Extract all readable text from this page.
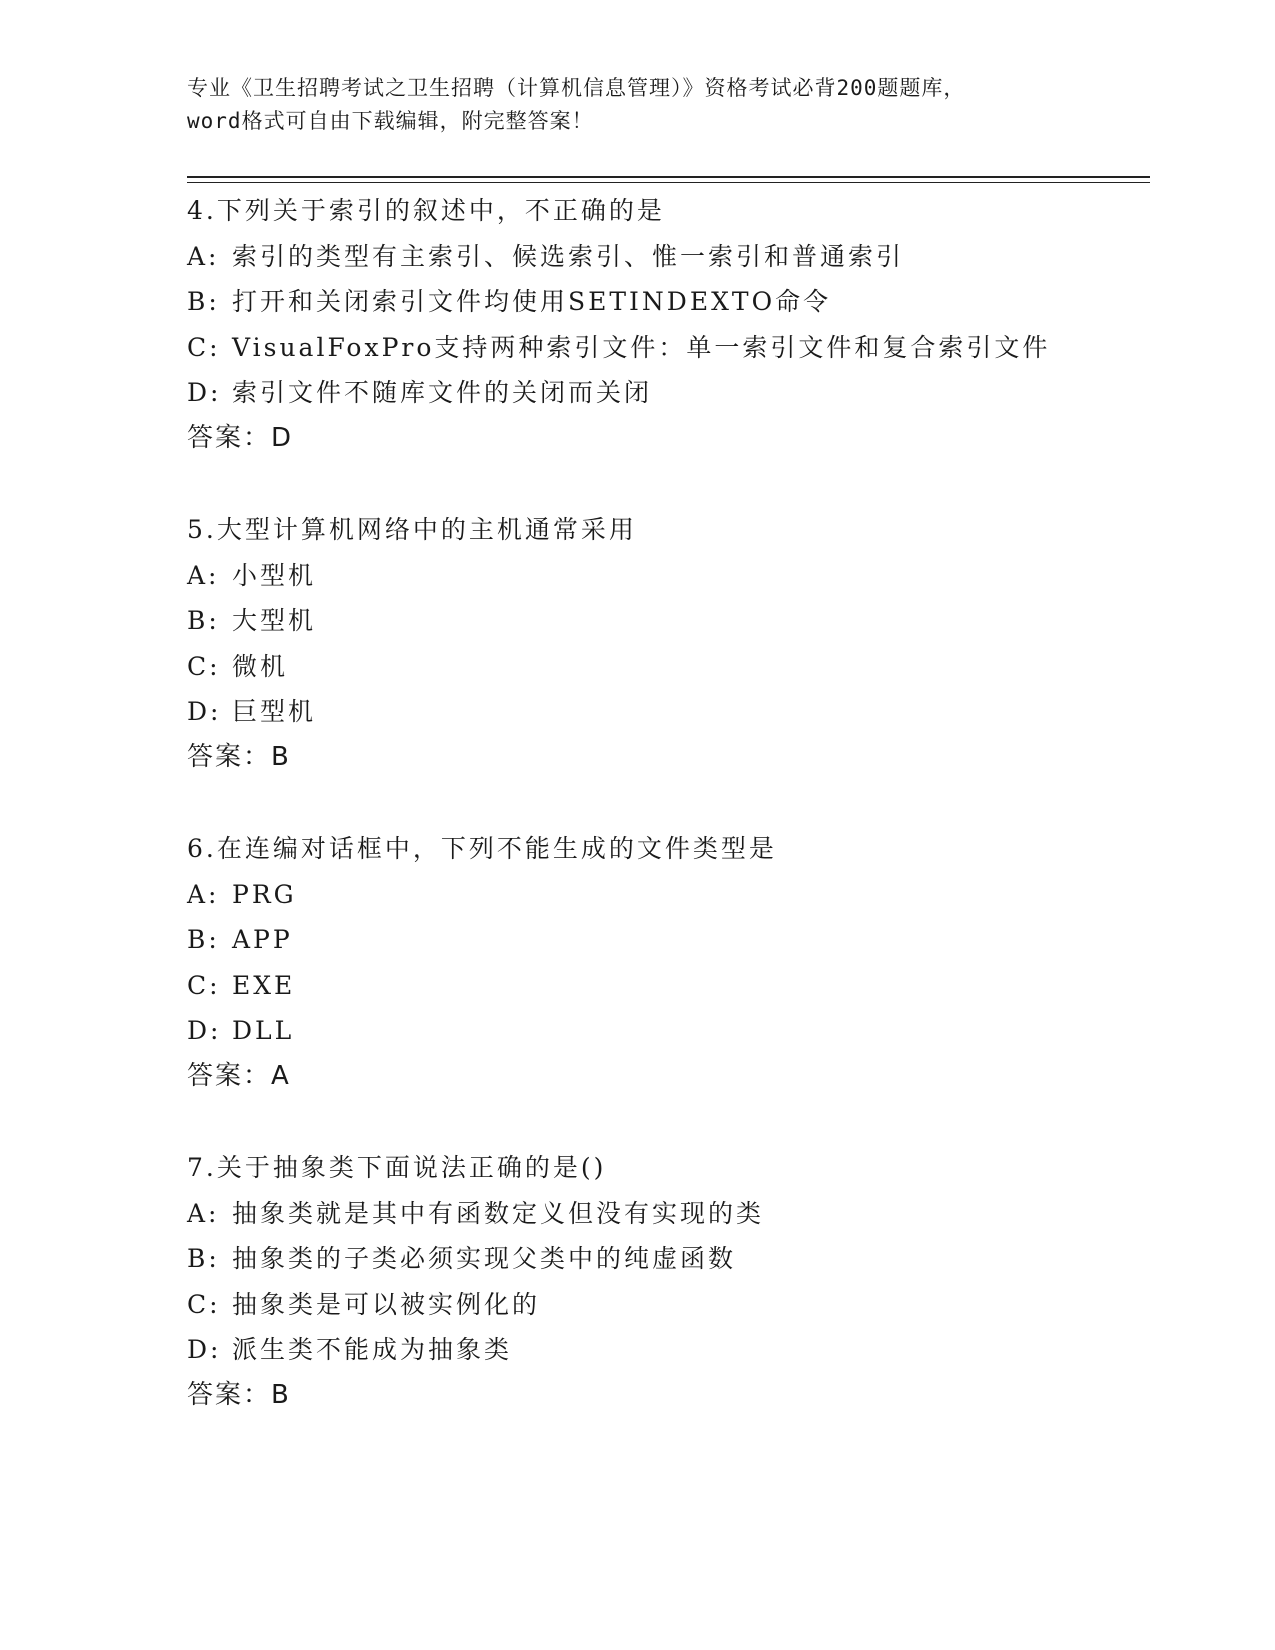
专业《卫生招聘考试之卫生招聘（计算机信息管理）》资格考试必背200题题库，
word格式可自由下载编辑，附完整答案！
4.下列关于索引的叙述中，不正确的是
A: 索引的类型有主索引、候选索引、惟一索引和普通索引
B: 打开和关闭索引文件均使用SETINDEXTO命令
C: VisualFoxPro支持两种索引文件：单一索引文件和复合索引文件
D: 索引文件不随库文件的关闭而关闭
答案：D
5.大型计算机网络中的主机通常采用
A: 小型机
B: 大型机
C: 微机
D: 巨型机
答案：B
6.在连编对话框中，下列不能生成的文件类型是
A: PRG
B: APP
C: EXE
D: DLL
答案：A
7.关于抽象类下面说法正确的是()
A: 抽象类就是其中有函数定义但没有实现的类
B: 抽象类的子类必须实现父类中的纯虚函数
C: 抽象类是可以被实例化的
D: 派生类不能成为抽象类
答案：B
